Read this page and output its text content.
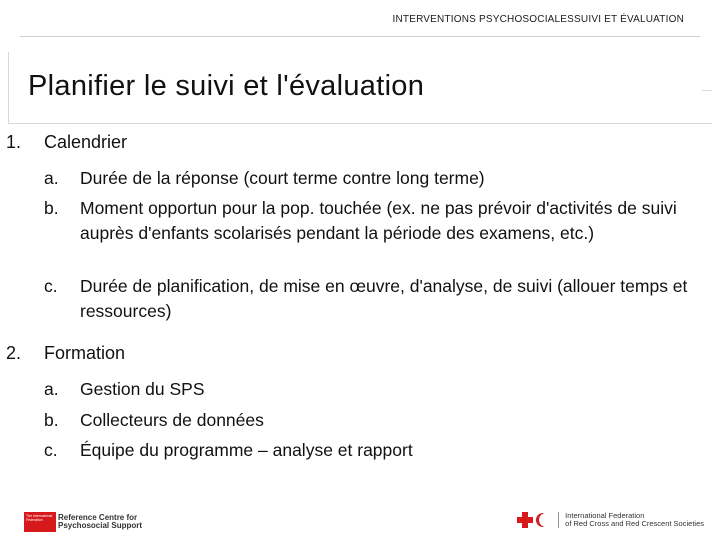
INTERVENTIONS PSYCHOSOCIALESSUIVI ET ÉVALUATION
Planifier le suivi et l'évaluation
1. Calendrier
a.	Durée de la réponse (court terme contre long terme)
b.	Moment opportun pour la pop. touchée (ex. ne pas prévoir d'activités de suivi auprès d'enfants scolarisés pendant la période des examens, etc.)
c.	Durée de planification, de mise en œuvre, d'analyse, de suivi (allouer temps et ressources)
2. Formation
a.	Gestion du SPS
b.	Collecteurs de données
c.	Équipe du programme – analyse et rapport
The International Federation	Reference Centre for
Psychosocial Support
International Federation
of Red Cross and Red Crescent Societies
